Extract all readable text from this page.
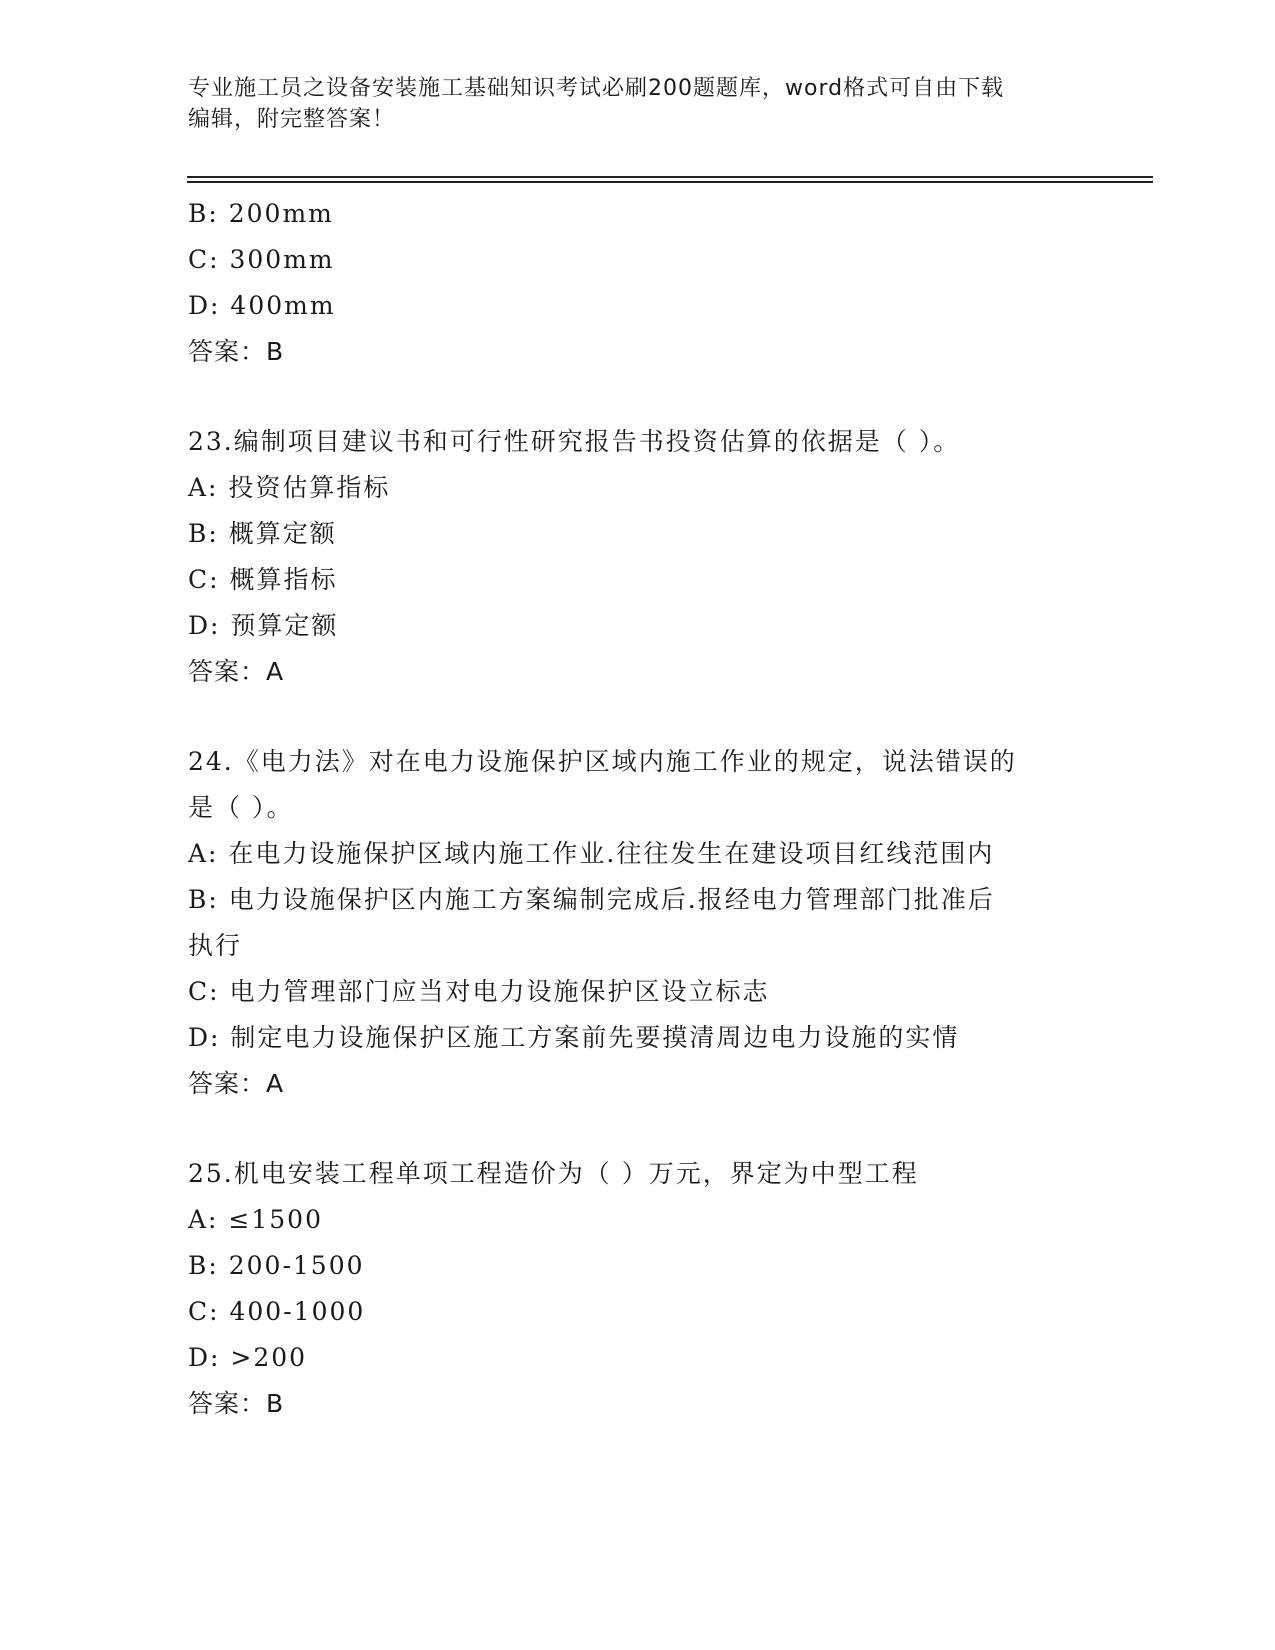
专业施工员之设备安装施工基础知识考试必刷200题题库，word格式可自由下载
编辑，附完整答案！
B: 200mm
C: 300mm
D: 400mm
答案：B
23.编制项目建议书和可行性研究报告书投资估算的依据是（ ）。
A: 投资估算指标
B: 概算定额
C: 概算指标
D: 预算定额
答案：A
24.《电力法》对在电力设施保护区域内施工作业的规定，说法错误的
是（ ）。
A: 在电力设施保护区域内施工作业.往往发生在建设项目红线范围内
B: 电力设施保护区内施工方案编制完成后.报经电力管理部门批准后
执行
C: 电力管理部门应当对电力设施保护区设立标志
D: 制定电力设施保护区施工方案前先要摸清周边电力设施的实情
答案：A
25.机电安装工程单项工程造价为（ ）万元，界定为中型工程
A: ≤1500
B: 200-1500
C: 400-1000
D: >200
答案：B
